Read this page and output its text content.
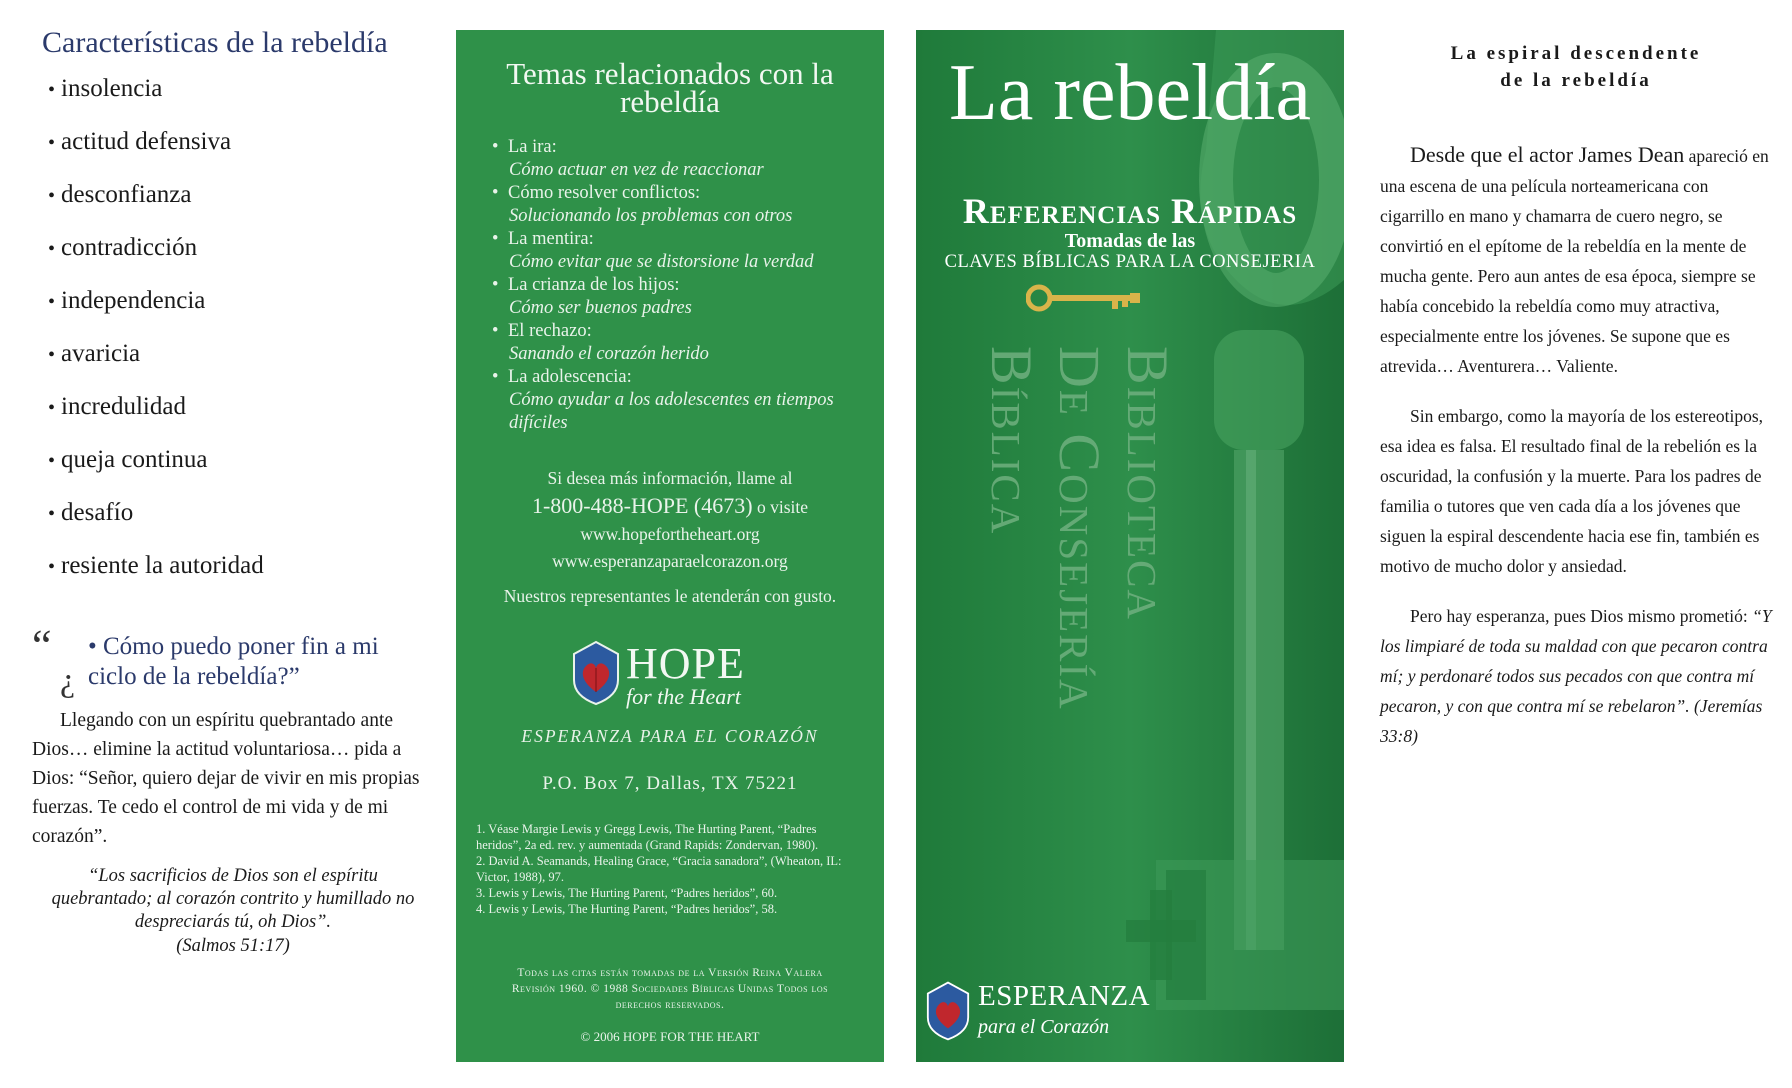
Características de la rebeldía
• insolencia
• actitud defensiva
• desconfianza
• contradicción
• independencia
• avaricia
• incredulidad
• queja continua
• desafío
• resiente la autoridad
“
¿
• Cómo puedo poner fin a mi ciclo de la rebeldía?”
Llegando con un espíritu quebrantado ante Dios… elimine la actitud voluntariosa… pida a Dios: “Señor, quiero dejar de vivir en mis propias fuerzas. Te cedo el control de mi vida y de mi corazón”.
“Los sacrificios de Dios son el espíritu quebrantado; al corazón contrito y humillado no despreciarás tú, oh Dios”.
(Salmos 51:17)
Temas relacionados con la rebeldía
• La ira:
Cómo actuar en vez de reaccionar
• Cómo resolver conflictos:
Solucionando los problemas con otros
• La mentira:
Cómo evitar que se distorsione la verdad
• La crianza de los hijos:
Cómo ser buenos padres
• El rechazo:
Sanando el corazón herido
• La adolescencia:
Cómo ayudar a los adolescentes en tiempos difíciles
Si desea más información, llame al
1-800-488-HOPE (4673) o visite
www.hopefortheheart.org
www.esperanzaparaelcorazon.org
Nuestros representantes le atenderán con gusto.
HOPE
for the Heart
ESPERANZA PARA EL CORAZÓN
P.O. Box 7, Dallas, TX 75221
1. Véase Margie Lewis y Gregg Lewis, The Hurting Parent, “Padres heridos”, 2a ed. rev. y aumentada (Grand Rapids: Zondervan, 1980).
2. David A. Seamands, Healing Grace, “Gracia sanadora”, (Wheaton, IL: Victor, 1988), 97.
3. Lewis y Lewis, The Hurting Parent, “Padres heridos”, 60.
4. Lewis y Lewis, The Hurting Parent, “Padres heridos”, 58.
Todas las citas están tomadas de la Versión Reina Valera Revisión 1960. © 1988 Sociedades Bíblicas Unidas Todos los derechos reservados.
© 2006 HOPE FOR THE HEART
La rebeldía
Referencias Rápidas
Tomadas de las
CLAVES BÍBLICAS PARA LA CONSEJERIA
Biblioteca
De Consejería
Bíblica
ESPERANZA
para el Corazón
La espiral descendente
de la rebeldía
Desde que el actor James Dean apareció en una escena de una película norteamericana con cigarrillo en mano y chamarra de cuero negro, se convirtió en el epítome de la rebeldía en la mente de mucha gente. Pero aun antes de esa época, siempre se había concebido la rebeldía como muy atractiva, especialmente entre los jóvenes. Se supone que es atrevida… Aventurera… Valiente.
Sin embargo, como la mayoría de los estereotipos, esa idea es falsa. El resultado final de la rebelión es la oscuridad, la confusión y la muerte. Para los padres de familia o tutores que ven cada día a los jóvenes que siguen la espiral descendente hacia ese fin, también es motivo de mucho dolor y ansiedad.
Pero hay esperanza, pues Dios mismo prometió: “Y los limpiaré de toda su maldad con que pecaron contra mí; y perdonaré todos sus pecados con que contra mí pecaron, y con que contra mí se rebelaron”. (Jeremías 33:8)
